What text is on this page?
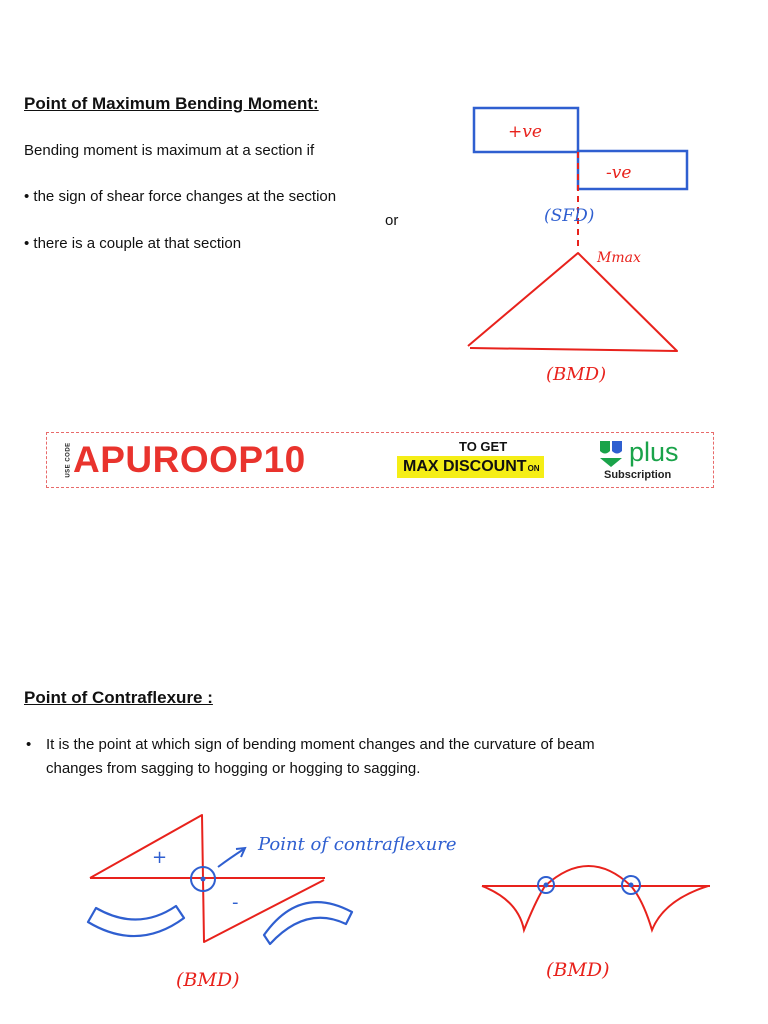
Point of Maximum Bending Moment:
Bending moment is maximum at a section if
• the sign of shear force changes at the section
or
• there is a couple at that section
+ve
-ve
(SFD)
Mmax
(BMD)
USE CODE APUROOP10	TO GET
MAX DISCOUNTON
plus
Subscription
Point of Contraflexure :
• It is the point at which sign of bending moment changes and the curvature of beam
changes from sagging to hogging or hogging to sagging.
+
-
Point of contraflexure
(BMD)	(BMD)
